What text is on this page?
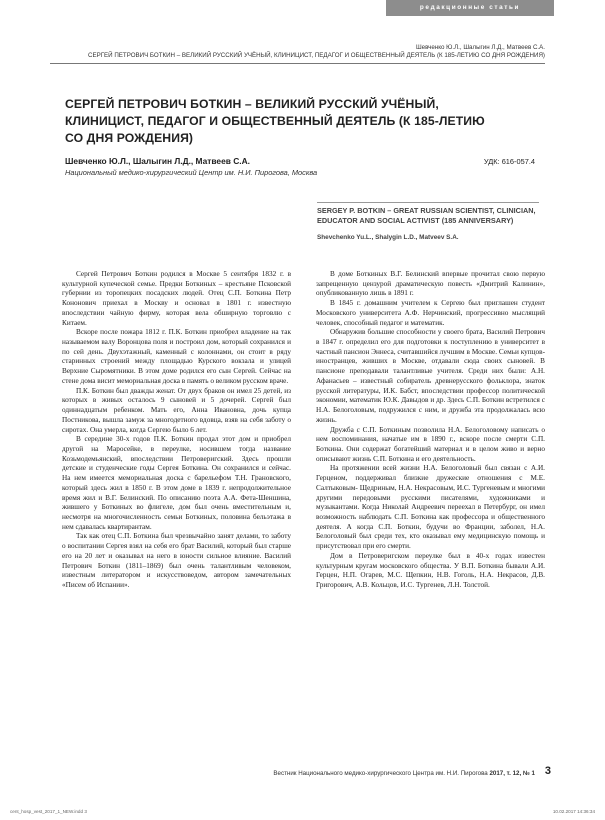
редакционные статьи
Шевченко Ю.Л., Шалыгин Л.Д., Матвеев С.А.
СЕРГЕЙ ПЕТРОВИЧ БОТКИН – ВЕЛИКИЙ РУССКИЙ УЧЁНЫЙ, КЛИНИЦИСТ, ПЕДАГОГ И ОБЩЕСТВЕННЫЙ ДЕЯТЕЛЬ (К 185-ЛЕТИЮ СО ДНЯ РОЖДЕНИЯ)
СЕРГЕЙ ПЕТРОВИЧ БОТКИН – ВЕЛИКИЙ РУССКИЙ УЧЁНЫЙ, КЛИНИЦИСТ, ПЕДАГОГ И ОБЩЕСТВЕННЫЙ ДЕЯТЕЛЬ (К 185-ЛЕТИЮ СО ДНЯ РОЖДЕНИЯ)
Шевченко Ю.Л., Шалыгин Л.Д., Матвеев С.А.	УДК: 616-057.4
Национальный медико-хирургический Центр им. Н.И. Пирогова, Москва
SERGEY P. BOTKIN – GREAT RUSSIAN SCIENTIST, CLINICIAN, EDUCATOR AND SOCIAL ACTIVIST (185 ANNIVERSARY)
Shevchenko Yu.L., Shalygin L.D., Matveev S.A.

Сергей Петрович Боткин родился в Москве 5 сентября 1832 г. в культурной купеческой семье. Предки Боткиных – крестьяне Псковской губернии из торопецких посадских людей. Отец С.П. Боткина Петр Кононович приехал в Москву и основал в 1801 г. известную впоследствии чайную фирму, которая вела обширную торговлю с Китаем.

Вскоре после пожара 1812 г. П.К. Боткин приобрел владение на так называемом валу Воронцова поля и построил дом, который сохранился и по сей день. Двухэтажный, каменный с колоннами, он стоит в ряду старинных строений между площадью Курского вокзала и улицей Верхние Сыромятники. В этом доме родился его сын Сергей. Сейчас на стене дома висит мемориальная доска в память о великом русском враче.

П.К. Боткин был дважды женат. От двух браков он имел 25 детей, из которых в живых осталось 9 сыновей и 5 дочерей. Сергей был одиннадцатым ребенком. Мать его, Анна Ивановна, дочь купца Постникова, вышла замуж за многодетного вдовца, взяв на себя заботу о сиротах. Она умерла, когда Сергею было 6 лет.

В середине 30-х годов П.К. Боткин продал этот дом и приобрел другой на Маросейке, в переулке, носившем тогда название Козьмодемьянский, впоследствии Петроверигский. Здесь прошли детские и студенческие годы Сергея Боткина. Он сохранился и сейчас. На нем имеется мемориальная доска с барельефом Т.Н. Грановского, который здесь жил в 1850 г. В этом доме в 1839 г. непродолжительное время жил и В.Г. Белинский. По описанию поэта А.А. Фета-Шеншина, жившего у Боткиных во флигеле, дом был очень вместительным и, несмотря на многочисленность семьи Боткиных, половина бельэтажа в нем сдавалась квартирантам.

Так как отец С.П. Боткина был чрезвычайно занят делами, то заботу о воспитании Сергея взял на себя его брат Василий, который был старше его на 20 лет и оказывал на него в юности сильное влияние. Василий Петрович Боткин (1811–1869) был очень талантливым человеком, известным литератором и искусствоведом, автором замечательных «Писем об Испании».

В доме Боткиных В.Г. Белинский впервые прочитал свою первую запрещенную цензурой драматическую повесть «Дмитрий Калинин», опубликованную лишь в 1891 г.

В 1845 г. домашним учителем к Сергею был приглашен студент Московского университета А.Ф. Нерчинский, прогрессивно мыслящий человек, способный педагог и математик.

Обнаружив большие способности у своего брата, Василий Петрович в 1847 г. определил его для подготовки к поступлению в университет в частный пансион Эннеса, считавшийся лучшим в Москве. Семьи купцов-иностранцев, живших в Москве, отдавали сюда своих сыновей. В пансионе преподавали талантливые учителя. Среди них были: А.Н. Афанасьев – известный собиратель древнерусского фольклора, знаток русской литературы, И.К. Бабст, впоследствии профессор политической экономии, математик Ю.К. Давыдов и др. Здесь С.П. Боткин встретился с Н.А. Белоголовым, подружился с ним, и дружба эта продолжалась всю жизнь.

Дружба с С.П. Боткиным позволила Н.А. Белоголовому написать о нем воспоминания, начатые им в 1890 г., вскоре после смерти С.П. Боткина. Они содержат богатейший материал и в целом живо и верно описывают жизнь С.П. Боткина и его деятельность.

На протяжении всей жизни Н.А. Белоголовый был связан с А.И. Герценом, поддерживал близкие дружеские отношения с М.Е. Салтыковым- Щедриным, Н.А. Некрасовым, И.С. Тургеневым и многими другими передовыми русскими писателями, художниками и музыкантами. Когда Николай Андреевич переехал в Петербург, он имел возможность наблюдать С.П. Боткина как профессора и общественного деятеля. А когда С.П. Боткин, будучи во Франции, заболел, Н.А. Белоголовый был среди тех, кто оказывал ему медицинскую помощь и присутствовал при его смерти.

Дом в Петроверигском переулке был в 40-х годах известен культурным кругам московского общества. У В.П. Боткина бывали А.И. Герцен, Н.П. Огарев, М.С. Щепкин, Н.В. Гоголь, Н.А. Некрасов, Д.В. Григорович, А.В. Кольцов, И.С. Тургенев, Л.Н. Толстой.

Вестник Национального медико-хирургического Центра им. Н.И. Пирогова 2017, т. 12, № 1 3
cent_hosp_vest_2017_1_NEW.indd 3	10.02.2017 14:36:34
